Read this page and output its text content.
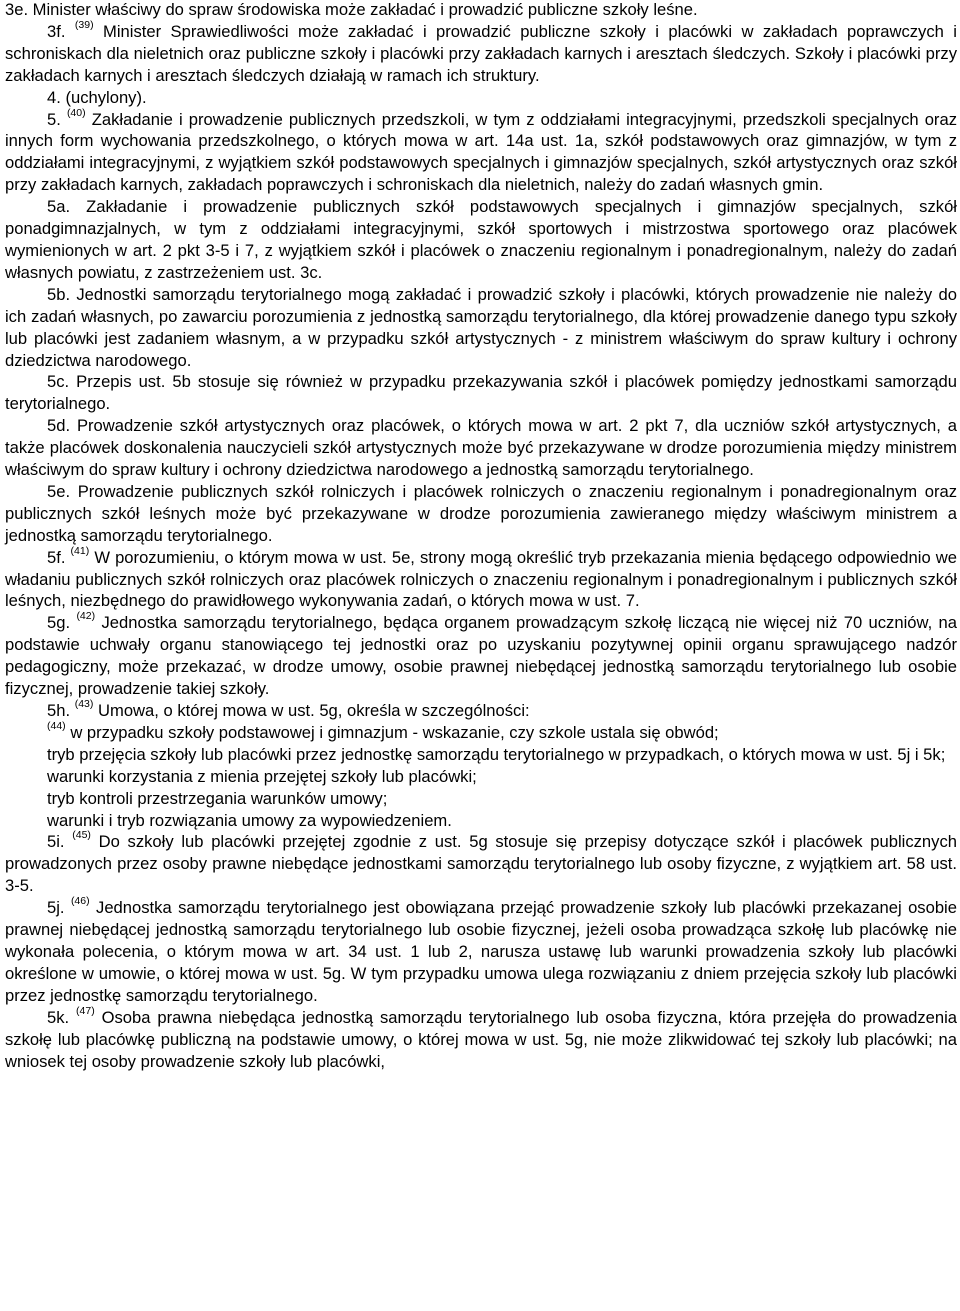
3e. Minister właściwy do spraw środowiska może zakładać i prowadzić publiczne szkoły leśne.

3f. $^{(39)}$ Minister Sprawiedliwości może zakładać i prowadzić publiczne szkoły i placówki w zakładach poprawczych i schroniskach dla nieletnich oraz publiczne szkoły i placówki przy zakładach karnych i aresztach śledczych. Szkoły i placówki przy zakładach karnych i aresztach śledczych działają w ramach ich struktury.

4. (uchylony).

5. $^{(40)}$ Zakładanie i prowadzenie publicznych przedszkoli, w tym z oddziałami integracyjnymi, przedszkoli specjalnych oraz innych form wychowania przedszkolnego, o których mowa w art. 14a ust. 1a, szkół podstawowych oraz gimnazjów, w tym z oddziałami integracyjnymi, z wyjątkiem szkół podstawowych specjalnych i gimnazjów specjalnych, szkół artystycznych oraz szkół przy zakładach karnych, zakładach poprawczych i schroniskach dla nieletnich, należy do zadań własnych gmin.

5a. Zakładanie i prowadzenie publicznych szkół podstawowych specjalnych i gimnazjów specjalnych, szkół ponadgimnazjalnych, w tym z oddziałami integracyjnymi, szkół sportowych i mistrzostwa sportowego oraz placówek wymienionych w art. 2 pkt 3-5 i 7, z wyjątkiem szkół i placówek o znaczeniu regionalnym i ponadregionalnym, należy do zadań własnych powiatu, z zastrzeżeniem ust. 3c.

5b. Jednostki samorządu terytorialnego mogą zakładać i prowadzić szkoły i placówki, których prowadzenie nie należy do ich zadań własnych, po zawarciu porozumienia z jednostką samorządu terytorialnego, dla której prowadzenie danego typu szkoły lub placówki jest zadaniem własnym, a w przypadku szkół artystycznych - z ministrem właściwym do spraw kultury i ochrony dziedzictwa narodowego.

5c. Przepis ust. 5b stosuje się również w przypadku przekazywania szkół i placówek pomiędzy jednostkami samorządu terytorialnego.

5d. Prowadzenie szkół artystycznych oraz placówek, o których mowa w art. 2 pkt 7, dla uczniów szkół artystycznych, a także placówek doskonalenia nauczycieli szkół artystycznych może być przekazywane w drodze porozumienia między ministrem właściwym do spraw kultury i ochrony dziedzictwa narodowego a jednostką samorządu terytorialnego.

5e. Prowadzenie publicznych szkół rolniczych i placówek rolniczych o znaczeniu regionalnym i ponadregionalnym oraz publicznych szkół leśnych może być przekazywane w drodze porozumienia zawieranego między właściwym ministrem a jednostką samorządu terytorialnego.

5f. $^{(41)}$ W porozumieniu, o którym mowa w ust. 5e, strony mogą określić tryb przekazania mienia będącego odpowiednio we władaniu publicznych szkół rolniczych oraz placówek rolniczych o znaczeniu regionalnym i ponadregionalnym i publicznych szkół leśnych, niezbędnego do prawidłowego wykonywania zadań, o których mowa w ust. 7.

5g. $^{(42)}$ Jednostka samorządu terytorialnego, będąca organem prowadzącym szkołę liczącą nie więcej niż 70 uczniów, na podstawie uchwały organu stanowiącego tej jednostki oraz po uzyskaniu pozytywnej opinii organu sprawującego nadzór pedagogiczny, może przekazać, w drodze umowy, osobie prawnej niebędącej jednostką samorządu terytorialnego lub osobie fizycznej, prowadzenie takiej szkoły.

5h. $^{(43)}$ Umowa, o której mowa w ust. 5g, określa w szczególności:

$^{(44)}$ w przypadku szkoły podstawowej i gimnazjum - wskazanie, czy szkole ustala się obwód;

tryb przejęcia szkoły lub placówki przez jednostkę samorządu terytorialnego w przypadkach, o których mowa w ust. 5j i 5k;

warunki korzystania z mienia przejętej szkoły lub placówki;

tryb kontroli przestrzegania warunków umowy;

warunki i tryb rozwiązania umowy za wypowiedzeniem.

5i. $^{(45)}$ Do szkoły lub placówki przejętej zgodnie z ust. 5g stosuje się przepisy dotyczące szkół i placówek publicznych prowadzonych przez osoby prawne niebędące jednostkami samorządu terytorialnego lub osoby fizyczne, z wyjątkiem art. 58 ust. 3-5.

5j. $^{(46)}$ Jednostka samorządu terytorialnego jest obowiązana przejąć prowadzenie szkoły lub placówki przekazanej osobie prawnej niebędącej jednostką samorządu terytorialnego lub osobie fizycznej, jeżeli osoba prowadząca szkołę lub placówkę nie wykonała polecenia, o którym mowa w art. 34 ust. 1 lub 2, narusza ustawę lub warunki prowadzenia szkoły lub placówki określone w umowie, o której mowa w ust. 5g. W tym przypadku umowa ulega rozwiązaniu z dniem przejęcia szkoły lub placówki przez jednostkę samorządu terytorialnego.

5k. $^{(47)}$ Osoba prawna niebędąca jednostką samorządu terytorialnego lub osoba fizyczna, która przejęła do prowadzenia szkołę lub placówkę publiczną na podstawie umowy, o której mowa w ust. 5g, nie może zlikwidować tej szkoły lub placówki; na wniosek tej osoby prowadzenie szkoły lub placówki,
